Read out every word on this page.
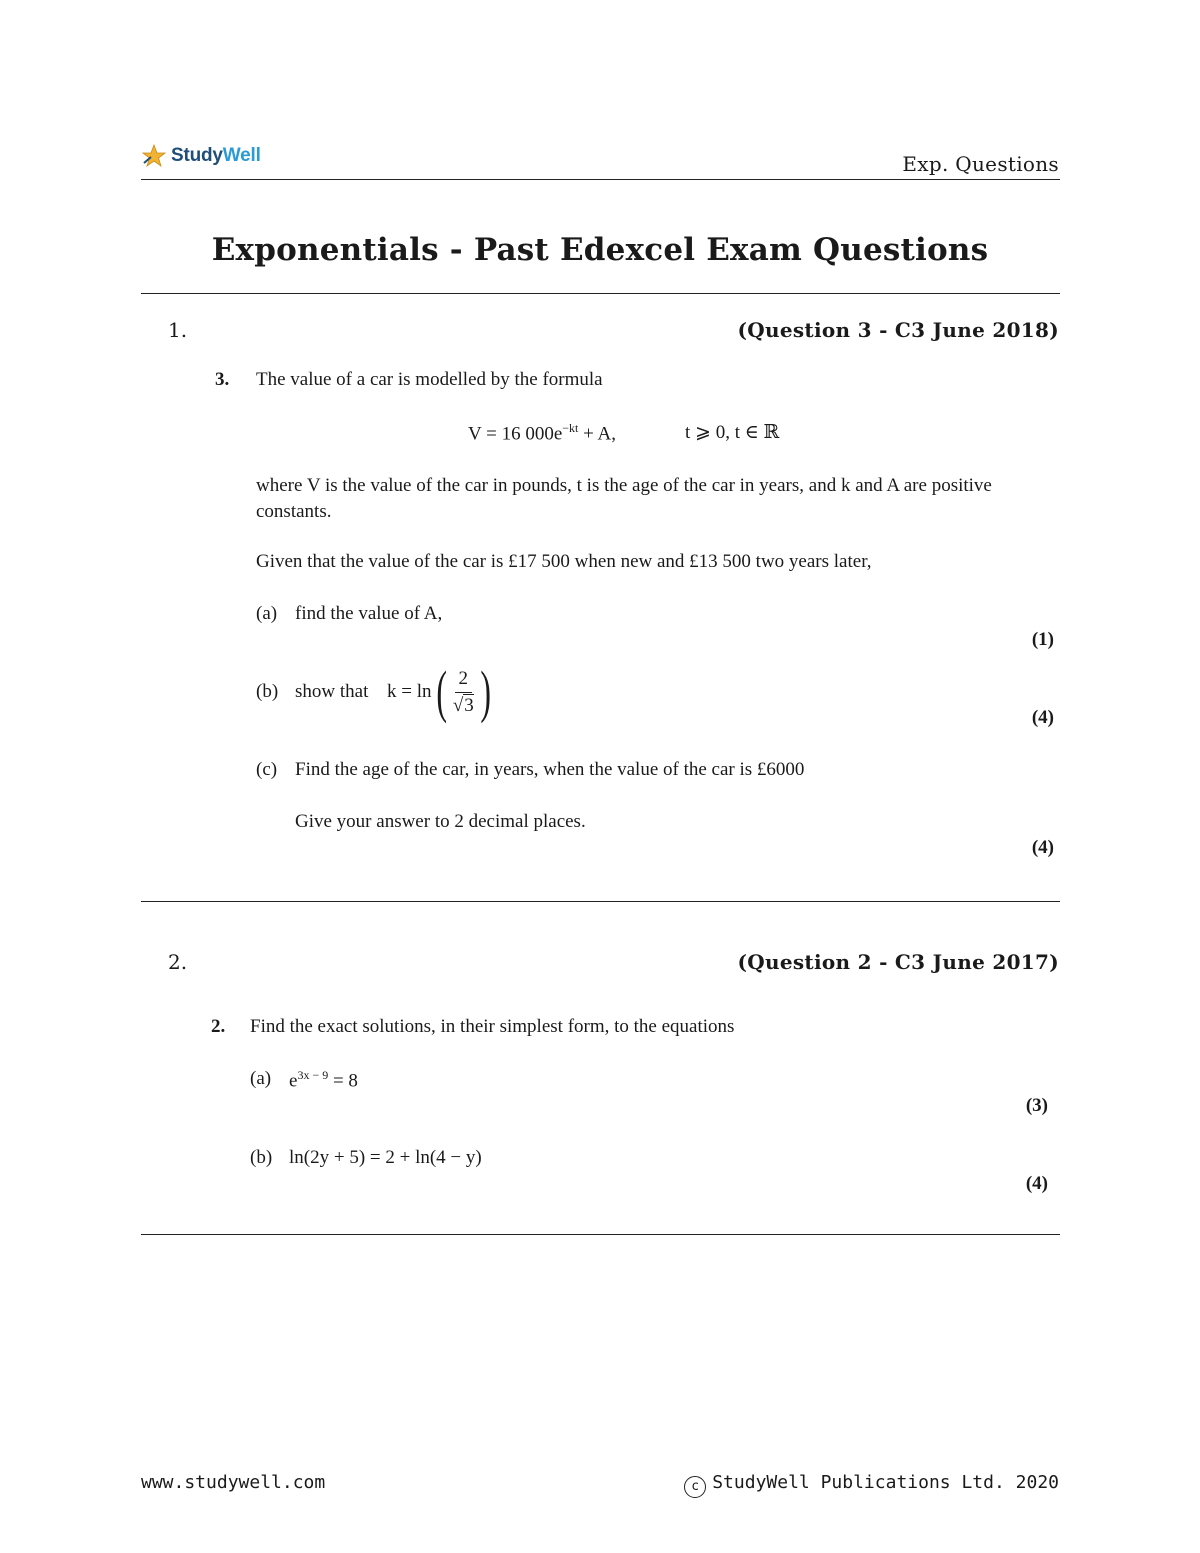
StudyWell	Exp. Questions
Exponentials - Past Edexcel Exam Questions
1.	(Question 3 - C3 June 2018)
3. The value of a car is modelled by the formula
V = 16 $000e^{-kt} + A$,	t ⩾ 0, t ∈ ℝ
where V is the value of the car in pounds, t is the age of the car in years, and k and A are positive constants.
Given that the value of the car is £17 500 when new and £13 500 two years later,
(a) find the value of A,
(1)
(b) show that k = ln ( $\frac{2}{√3}$ )	(4)
(c) Find the age of the car, in years, when the value of the car is £6000
Give your answer to 2 decimal places.
(4)
2.	(Question 2 - C3 June 2017)
2. Find the exact solutions, in their simplest form, to the equations
(a) $e^{3x - 9} = 8$
(3)
(b) ln(2y + 5) = 2 + ln(4 − y)
(4)
www.studywell.com	c StudyWell Publications Ltd. 2020
